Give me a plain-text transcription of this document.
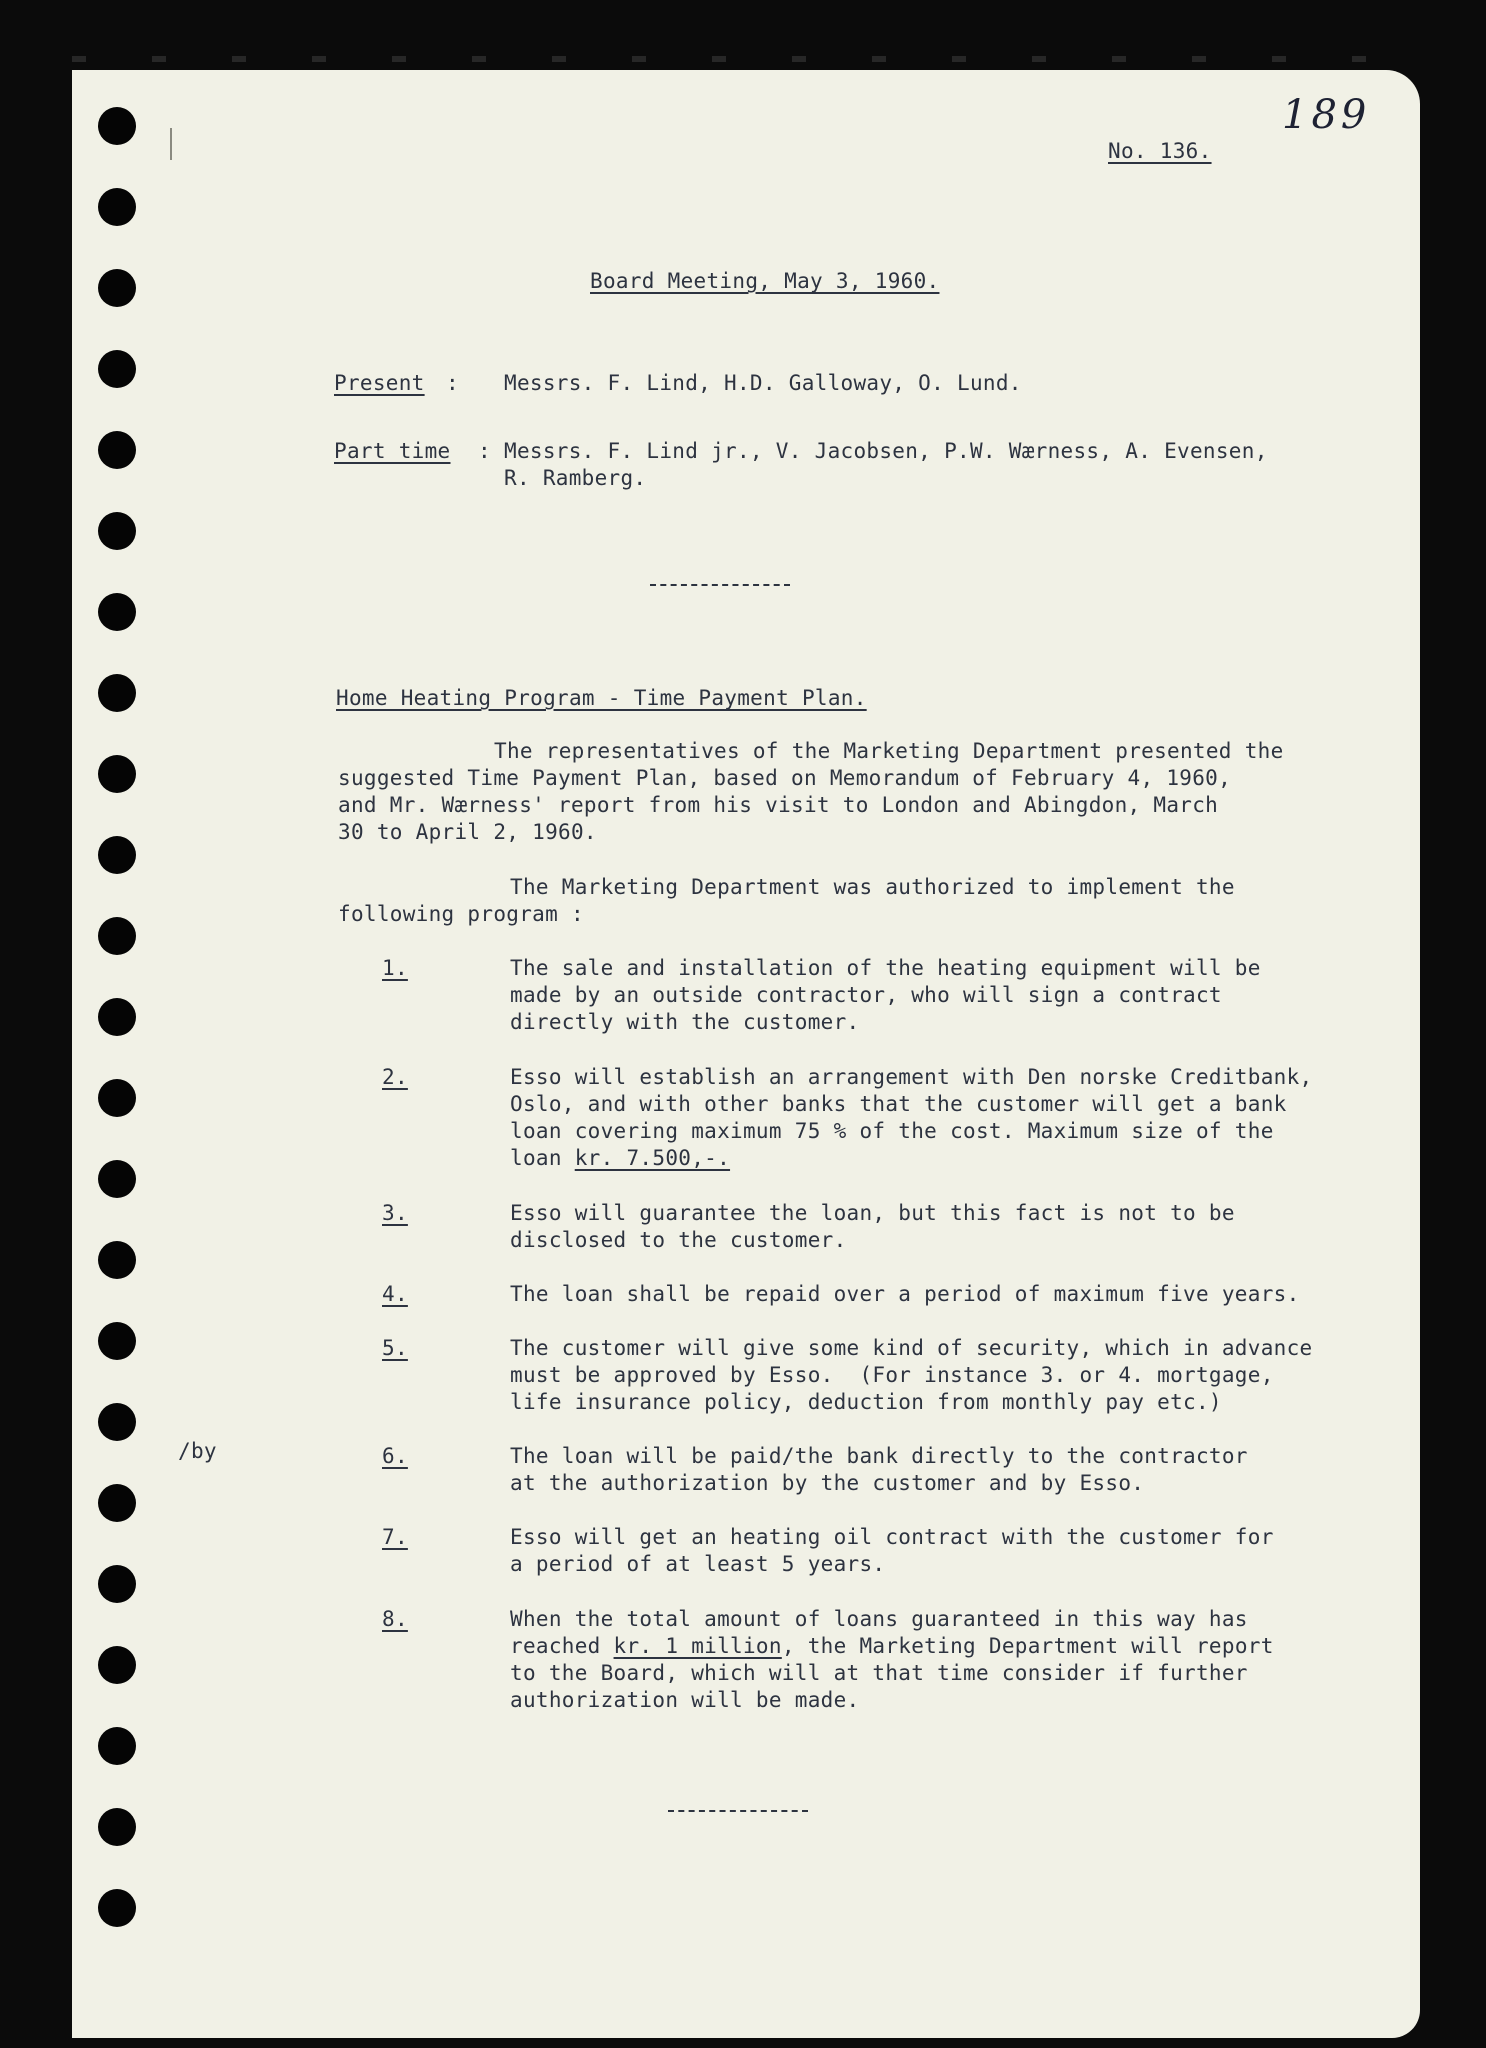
189
No. 136.
Board Meeting, May 3, 1960.
Present : Messrs. F. Lind, H.D. Galloway, O. Lund.
Part time : Messrs. F. Lind jr., V. Jacobsen, P.W. Wærness, A. Evensen,
R. Ramberg.
Home Heating Program - Time Payment Plan.
The representatives of the Marketing Department presented the
suggested Time Payment Plan, based on Memorandum of February 4, 1960,
and Mr. Wærness' report from his visit to London and Abingdon, March
30 to April 2, 1960.
The Marketing Department was authorized to implement the
following program :
1.	The sale and installation of the heating equipment will be
made by an outside contractor, who will sign a contract
directly with the customer.
2.	Esso will establish an arrangement with Den norske Creditbank,
Oslo, and with other banks that the customer will get a bank
loan covering maximum 75 % of the cost. Maximum size of the
loan kr. 7.500,-.
3.	Esso will guarantee the loan, but this fact is not to be
disclosed to the customer.
4.	The loan shall be repaid over a period of maximum five years.
5.	The customer will give some kind of security, which in advance
must be approved by Esso.  (For instance 3. or 4. mortgage,
life insurance policy, deduction from monthly pay etc.)
/by	6.	The loan will be paid/the bank directly to the contractor
at the authorization by the customer and by Esso.
7.	Esso will get an heating oil contract with the customer for
a period of at least 5 years.
8.	When the total amount of loans guaranteed in this way has
reached kr. 1 million, the Marketing Department will report
to the Board, which will at that time consider if further
authorization will be made.
